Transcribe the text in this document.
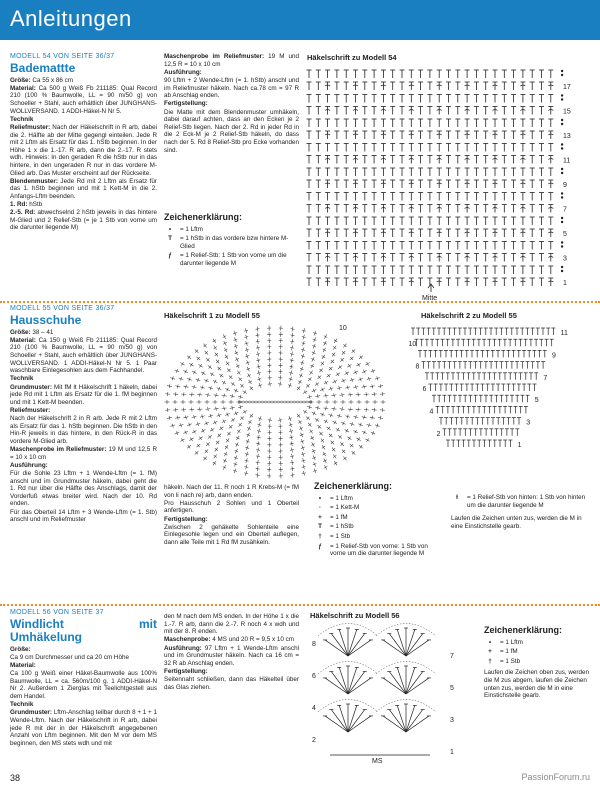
Anleitungen
MODELL 54 VON SEITE 36/37
Bademattte

Größe: Ca 55 x 86 cm

Material: Ca 500 g Weiß Fb 211185: Qual Record 210 (100 % Baumwolle, LL = 90 m/50 g) von Schoeller + Stahl, auch erhältlich über JUNGHANS-WOLLVERSAND. 1 ADDI-Häkel-N Nr 5.

Technik

Reliefmuster: Nach der Häkelschrift in R arb, dabei die 2. Hälfte ab der Mitte gegengl einteilen. Jede R mit 2 Lftm als Ersatz für das 1. hStb beginnen. In der Höhe 1 x die 1.-17. R arb, dann die 2.-17. R stets wdh. Hinweis: In den geraden R die hStb nur in das hintere, in den ungeraden R nur in das vordere M-Glied arb. Das Muster erscheint auf der Rückseite.

Blendenmuster: Jede Rd mit 2 Lftm als Ersatz für das 1. hStb beginnen und mit 1 Kett-M in die 2. Anfangs-Lftm beenden.

1. Rd: hStb

2.-5. Rd: abwechselnd 2 hStb jeweils in das hintere M-Glied und 2 Relief-Stb (= je 1 Stb von vorne um die darunter liegende M)

Maschenprobe im Reliefmuster: 19 M und 12,5 R = 10 x 10 cm

Ausführung:

90 Lftm + 2 Wende-Lftm (= 1. hStb) anschl und im Reliefmuster häkeln. Nach ca.78 cm = 97 R ab Anschlag enden.

Fertigstellung:

Die Matte mit dem Blendenmuster umhäkeln, dabei darauf achten, dass an den Ecken je 2 Relief-Stb liegen. Nach der 2. Rd in jeder Rd in die 2 Eck-M je 2 Relief-Stb häkeln, do dass nach der 5. Rd 8 Relief-Stb pro Ecke vorhanden sind.

Zeichenerklärung:
•	= 1 Lftm
T	= 1 hStb in das vordere bzw hintere M-Glied
ƒ	= 1 Relief-Stb: 1 Stb von vorne um die darunter liegende M
Häkelschrift zu Modell 54
17
15
13
11
9
7
5
3
1
Mitte
MODELL 55 VON SEITE 36/37
Hausschuhe

Größe: 38 – 41

Material: Ca 150 g Weiß Fb 211185: Qual Record 210 (100 % Baumwolle, LL = 90 m/50 g) von Schoeller + Stahl, auch erhältlich über JUNGHANS-WOLLVERSAND. 1 ADDI-Häkel-N Nr 5. 1 Paar waschbare Einlegesohlen aus dem Fachhandel.

Technik

Grundmuster: Mit fM lt Häkelschrift 1 häkeln, dabei jede Rd mit 1 Lftm als Ersatz für die 1. fM beginnen und mit 1 Kett-M beenden.

Reliefmuster:

Nach der Häkelschrift 2 in R arb. Jede R mit 2 Lftm als Ersatz für das 1. hStb beginnen. Die hStb in den Hin-R jeweils in das hintere, in den Rück-R in das vordere M-Glied arb.

Maschenprobe im Reliefmuster: 19 M und 12,5 R = 10 x 10 cm

Ausführung:

Für die Sohle 23 Lftm + 1 Wende-Lftm (= 1. fM) anschl und im Grundmuster häkeln, dabei geht die 1. Rd nur über die Hälfte des Anschlags, damit der Vorderfuß etwas breiter wird. Nach der 10. Rd enden.

Für das Oberteil 14 Lftm + 3 Wende-Lftm (= 1. Stb) anschl und im Reliefmuster

häkeln. Nach der 11. R noch 1 R Krebs-M (= fM von li nach re) arb, dann enden.

Pro Hausschuh 2 Sohlen und 1 Oberteil anfertigen.

Fertigstellung:

Zwischen 2 gehäkelte Sohlenteile eine Einlegesohle legen und ein Oberteil auflegen, dann alle Teile mit 1 Rd fM zusähkeln.

Häkelschrift 1 zu Modell 55
10
Häkelschrift 2 zu Modell 55
11
10
9
8
7
6
5
4
3
2
1
Zeichenerklärung:
•	= 1 Lftm
·	= 1 Kett-M
+	= 1 fM
T	= 1 hStb
†	= 1 Stb
ƒ	= 1 Relief-Stb von vorne: 1 Stb von vorne um die darunter liegende M
ƚ	= 1 Relief-Stb von hinten: 1 Stb von hinten um die darunter liegende M
Laufen die Zeichen unten zus, werden die M in eine Einstichstelle gearb.
MODELL 56 VON SEITE 37
Windlicht mit Umhäkelung

Größe:

Ca 9 cm Durchmesser und ca 20 cm Höhe

Material:

Ca 100 g Weiß einer Häkel-Baumwolle aus 100% Baumwolle, LL = ca. 560m/100 g. 1 ADDI-Häkel-N Nr 2. Außerdem 1 Zierglas mit Teelichtgestell aus dem Handel.

Technik

Grundmuster: Lftm-Anschlag teilbar durch 8 + 1 + 1 Wende-Lftm. Nach der Häkelschrift in R arb, dabei jede R mit der in der Häkelschrift angegebenen Anzahl von Lftm beginnen. Mit den M vor dem MS beginnen, den MS stets wdh und mit

den M nach dem MS enden. In der Höhe 1 x die 1.-7. R arb, dann die 2.-7. R noch 4 x wdh und mit der 8. R enden.

Maschenprobe: 4 MS und 20 R = 9,5 x 10 cm

Ausführung: 97 Lftm + 1 Wende-Lftm anschl und im Grundmuster häkeln. Nach ca 16 cm = 32 R ab Anschlag enden.

Fertigstellung:

Seitennaht schließen, dann das Häkelteil über das Glas ziehen.

Häkelschrift zu Modell 56
8
6
4
2
7
5
3
1
MS
Zeichenerklärung:
•	= 1 Lftm
+	= 1 fM
†	= 1 Stb
Laufen die Zeichen oben zus, werden die M zus abgem, laufen die Zeichen unten zus, werden die M in eine Einstichstelle gearb.
38	PassionForum.ru
